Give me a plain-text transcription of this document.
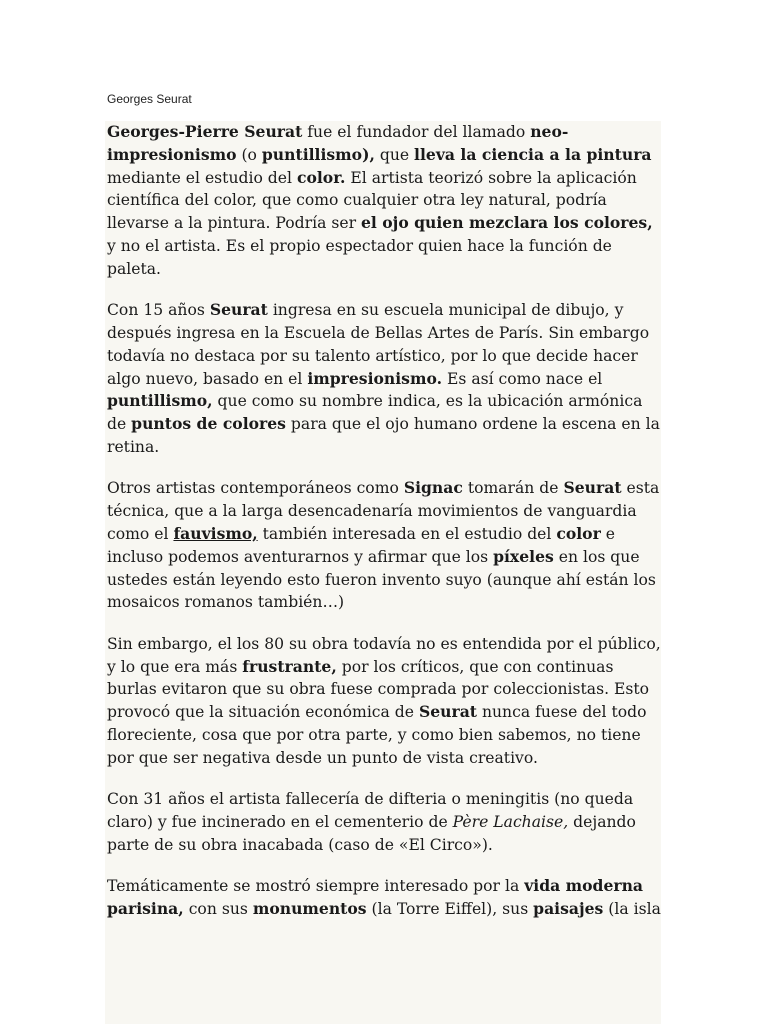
Georges Seurat

Georges-Pierre Seurat fue el fundador del llamado neo-impresionismo (o puntillismo), que lleva la ciencia a la pintura mediante el estudio del color. El artista teorizó sobre la aplicación científica del color, que como cualquier otra ley natural, podría llevarse a la pintura. Podría ser el ojo quien mezclara los colores, y no el artista. Es el propio espectador quien hace la función de paleta.

Con 15 años Seurat ingresa en su escuela municipal de dibujo, y después ingresa en la Escuela de Bellas Artes de París. Sin embargo todavía no destaca por su talento artístico, por lo que decide hacer algo nuevo, basado en el impresionismo. Es así como nace el puntillismo, que como su nombre indica, es la ubicación armónica de puntos de colores para que el ojo humano ordene la escena en la retina.

Otros artistas contemporáneos como Signac tomarán de Seurat esta técnica, que a la larga desencadenaría movimientos de vanguardia como el fauvismo, también interesada en el estudio del color e incluso podemos aventurarnos y afirmar que los píxeles en los que ustedes están leyendo esto fueron invento suyo (aunque ahí están los mosaicos romanos también…)

Sin embargo, el los 80 su obra todavía no es entendida por el público, y lo que era más frustrante, por los críticos, que con continuas burlas evitaron que su obra fuese comprada por coleccionistas. Esto provocó que la situación económica de Seurat nunca fuese del todo floreciente, cosa que por otra parte, y como bien sabemos, no tiene por que ser negativa desde un punto de vista creativo.

Con 31 años el artista fallecería de difteria o meningitis (no queda claro) y fue incinerado en el cementerio de Père Lachaise, dejando parte de su obra inacabada (caso de «El Circo»).

Temáticamente se mostró siempre interesado por la vida moderna parisina, con sus monumentos (la Torre Eiffel), sus paisajes (la isla
